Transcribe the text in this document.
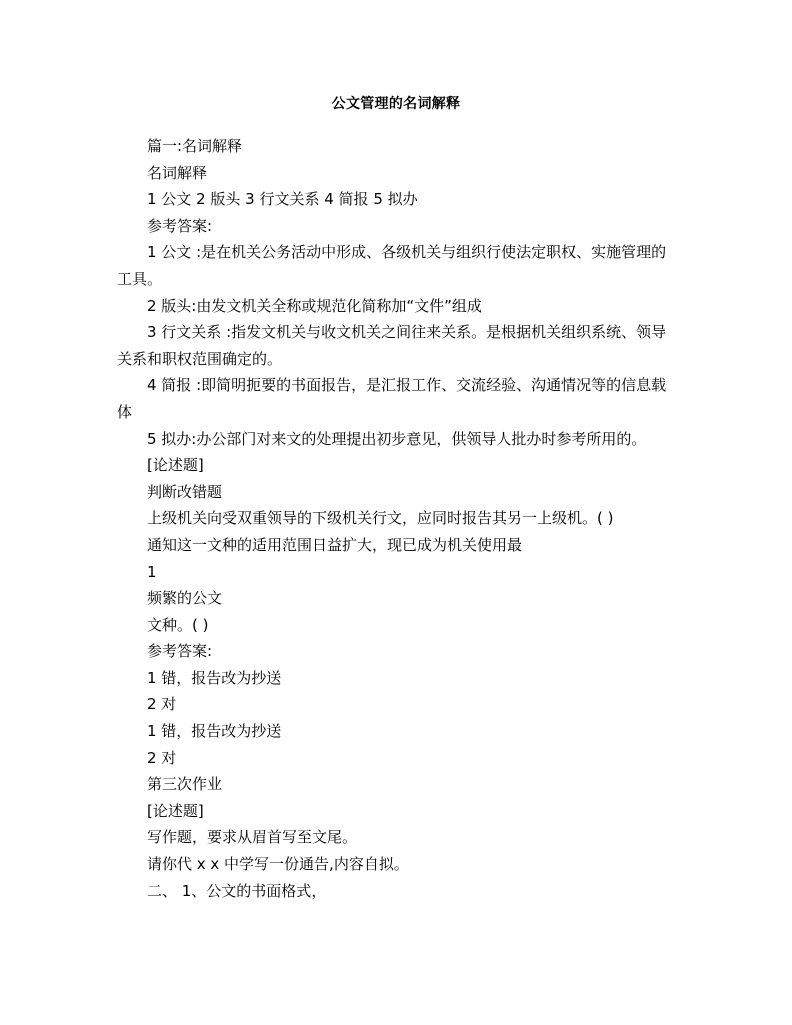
公文管理的名词解释

篇一:名词解释

名词解释

1 公文 2 版头 3 行文关系 4 简报 5 拟办

参考答案:

1 公文 :是在机关公务活动中形成、各级机关与组织行使法定职权、实施管理的工具。

2 版头:由发文机关全称或规范化简称加“文件”组成

3 行文关系 :指发文机关与收文机关之间往来关系。是根据机关组织系统、领导关系和职权范围确定的。

4 简报 :即简明扼要的书面报告，是汇报工作、交流经验、沟通情况等的信息载体

5 拟办:办公部门对来文的处理提出初步意见，供领导人批办时参考所用的。

[论述题]

判断改错题

上级机关向受双重领导的下级机关行文，应同时报告其另一上级机。( )

通知这一文种的适用范围日益扩大，现已成为机关使用最

1

频繁的公文

文种。( )

参考答案:

1 错，报告改为抄送

2 对

1 错，报告改为抄送

2 对

第三次作业

[论述题]

写作题，要求从眉首写至文尾。

请你代 x x 中学写一份通告,内容自拟。

二、 1、公文的书面格式，
